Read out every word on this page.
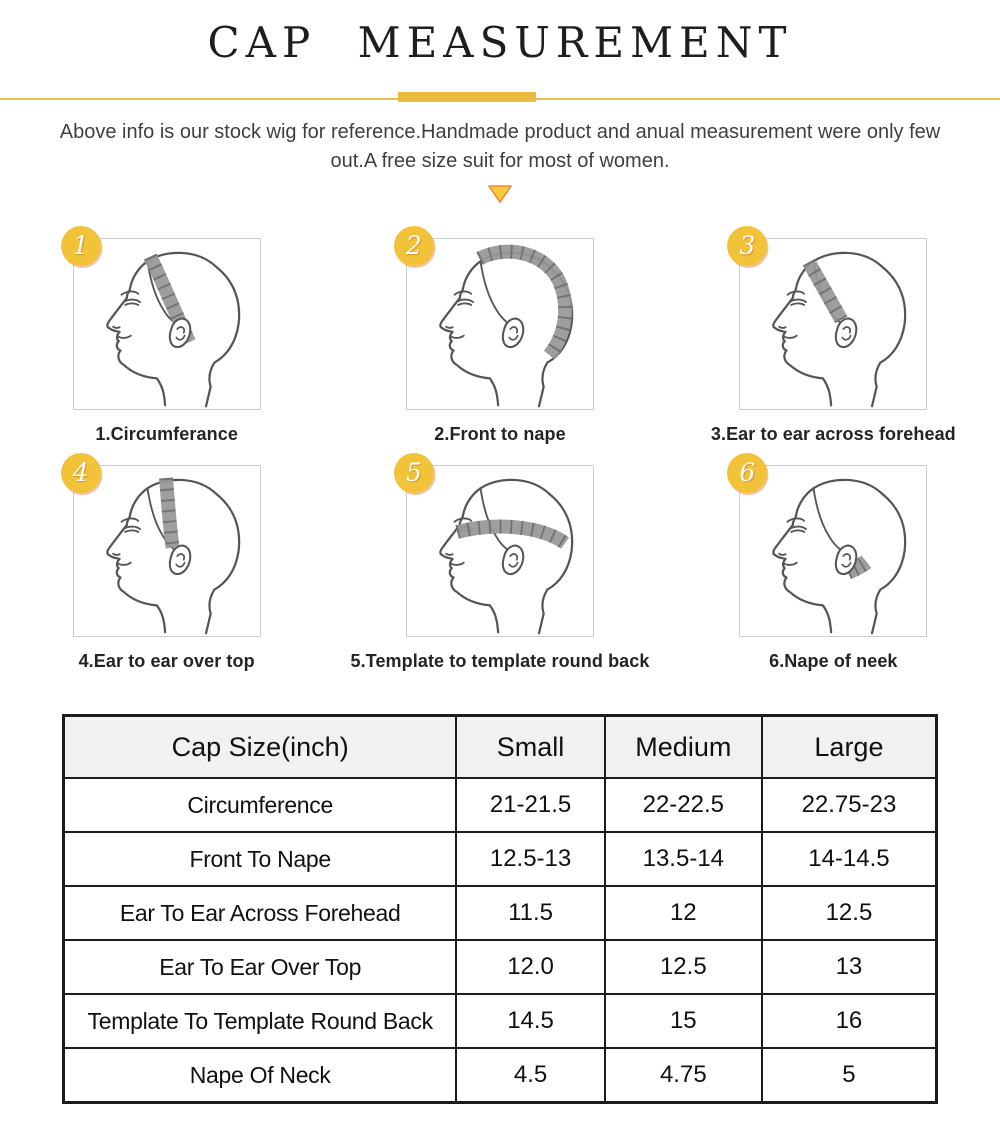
CAP MEASUREMENT
Above info is our stock wig for reference.Handmade product and anual measurement were only few
out.A free size suit for most of women.
1
1.Circumferance
2
2.Front to nape
3
3.Ear to ear across forehead
4
4.Ear to ear over top
5
5.Template to template round back
6
6.Nape of neek
Cap Size(inch)	Small	Medium	Large
Circumference	21-21.5	22-22.5	22.75-23
Front To Nape	12.5-13	13.5-14	14-14.5
Ear To Ear Across Forehead	11.5	12	12.5
Ear To Ear Over Top	12.0	12.5	13
Template To Template Round Back	14.5	15	16
Nape Of Neck	4.5	4.75	5
